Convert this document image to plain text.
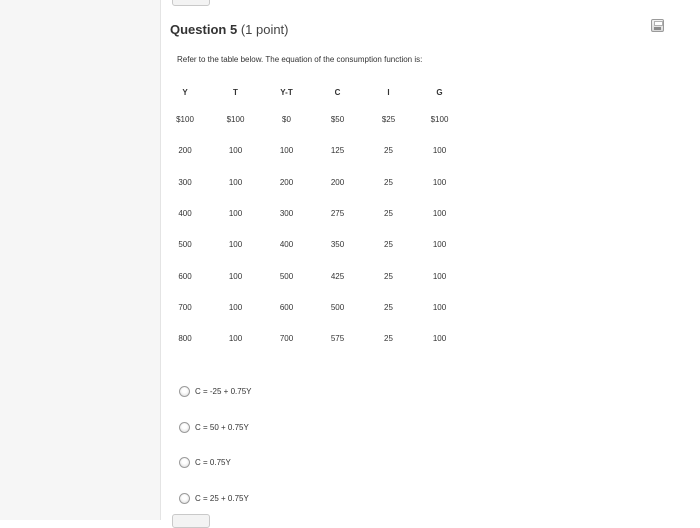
Question 5 (1 point)
Refer to the table below. The equation of the consumption function is:
Y	T	Y-T	C	I	G
$100	$100	$0	$50	$25	$100
200	100	100	125	25	100
300	100	200	200	25	100
400	100	300	275	25	100
500	100	400	350	25	100
600	100	500	425	25	100
700	100	600	500	25	100
800	100	700	575	25	100
C = -25 + 0.75Y
C = 50 + 0.75Y
C = 0.75Y
C = 25 + 0.75Y
